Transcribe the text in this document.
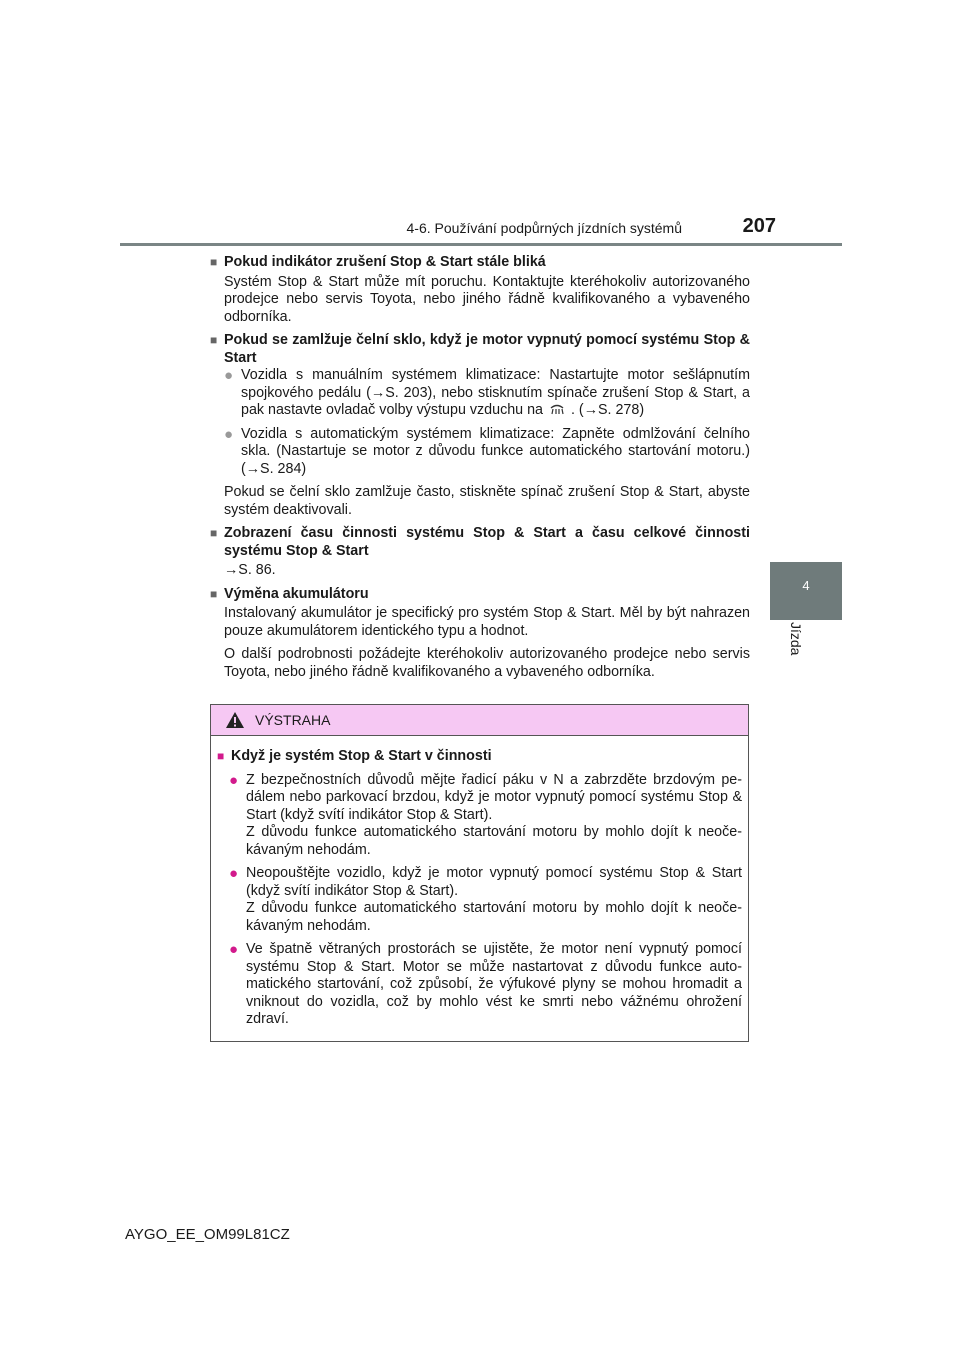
4-6. Používání podpůrných jízdních systémů	207
4
Jízda
■ Pokud indikátor zrušení Stop & Start stále bliká
Systém Stop & Start může mít poruchu. Kontaktujte kteréhokoliv autorizovaného prodejce nebo servis Toyota, nebo jiného řádně kvalifikovaného a vybaveného odborníka.
■ Pokud se zamlžuje čelní sklo, když je motor vypnutý pomocí systému Stop & Start
● Vozidla s manuálním systémem klimatizace: Nastartujte motor sešlápnutím spojkového pedálu (→S. 203), nebo stisknutím spínače zrušení Stop & Start, a pak nastavte ovladač volby výstupu vzduchu na . (→S. 278)
● Vozidla s automatickým systémem klimatizace: Zapněte odmlžování čelního skla. (Nastartuje se motor z důvodu funkce automatického startování motoru.) (→S. 284)
Pokud se čelní sklo zamlžuje často, stiskněte spínač zrušení Stop & Start, abyste systém deaktivovali.
■ Zobrazení času činnosti systému Stop & Start a času celkové činnosti systému Stop & Start
→S. 86.
■ Výměna akumulátoru
Instalovaný akumulátor je specifický pro systém Stop & Start. Měl by být nahrazen pouze akumulátorem identického typu a hodnot.
O další podrobnosti požádejte kteréhokoliv autorizovaného prodejce nebo servis Toyota, nebo jiného řádně kvalifikovaného a vybaveného odborníka.
VÝSTRAHA
■ Když je systém Stop & Start v činnosti
● Z bezpečnostních důvodů mějte řadicí páku v N a zabrzděte brzdovým pedálem nebo parkovací brzdou, když je motor vypnutý pomocí systému Stop & Start (když svítí indikátor Stop & Start).
Z důvodu funkce automatického startování motoru by mohlo dojít k neočekávaným nehodám.
● Neopouštějte vozidlo, když je motor vypnutý pomocí systému Stop & Start (když svítí indikátor Stop & Start).
Z důvodu funkce automatického startování motoru by mohlo dojít k neočekávaným nehodám.
● Ve špatně větraných prostorách se ujistěte, že motor není vypnutý pomocí systému Stop & Start. Motor se může nastartovat z důvodu funkce automatického startování, což způsobí, že výfukové plyny se mohou hromadit a vniknout do vozidla, což by mohlo vést ke smrti nebo vážnému ohrožení zdraví.
AYGO_EE_OM99L81CZ
